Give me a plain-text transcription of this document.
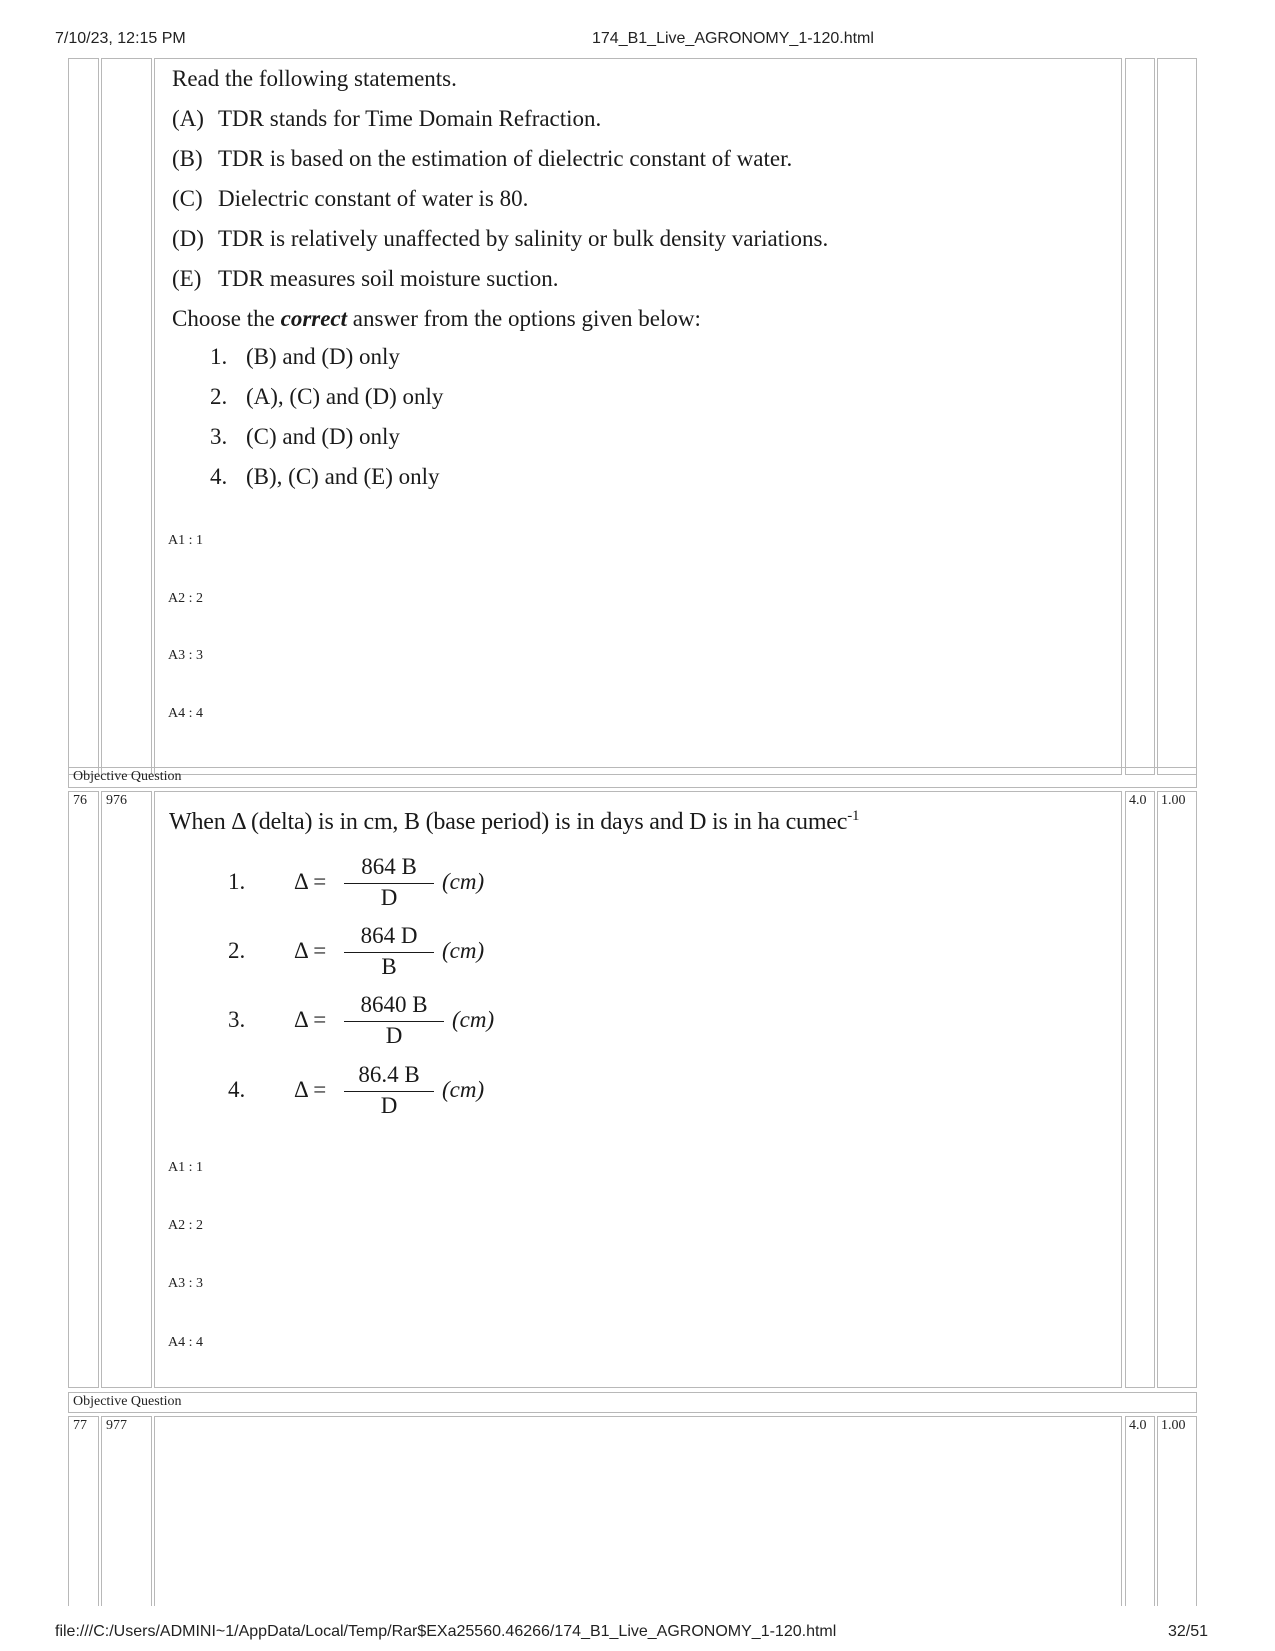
7/10/23, 12:15 PM	174_B1_Live_AGRONOMY_1-120.html
Read the following statements.
(A) TDR stands for Time Domain Refraction.
(B) TDR is based on the estimation of dielectric constant of water.
(C) Dielectric constant of water is 80.
(D) TDR is relatively unaffected by salinity or bulk density variations.
(E) TDR measures soil moisture suction.
Choose the correct answer from the options given below:
1. (B) and (D) only
2. (A), (C) and (D) only
3. (C) and (D) only
4. (B), (C) and (E) only
A1 : 1
A2 : 2
A3 : 3
A4 : 4
Objective Question
76	976
When Δ (delta) is in cm, B (base period) is in days and D is in ha cumec$^{-1}$
4.0	1.00
1.	Δ =
864 B
D
(cm)
2.	Δ =
864 D
B
(cm)
3.	Δ =
8640 B
D
(cm)
4.	Δ =
86.4 B
D
(cm)
A1 : 1
A2 : 2
A3 : 3
A4 : 4
Objective Question
77	977	4.0	1.00
file:///C:/Users/ADMINI~1/AppData/Local/Temp/Rar$EXa25560.46266/174_B1_Live_AGRONOMY_1-120.html	32/51
